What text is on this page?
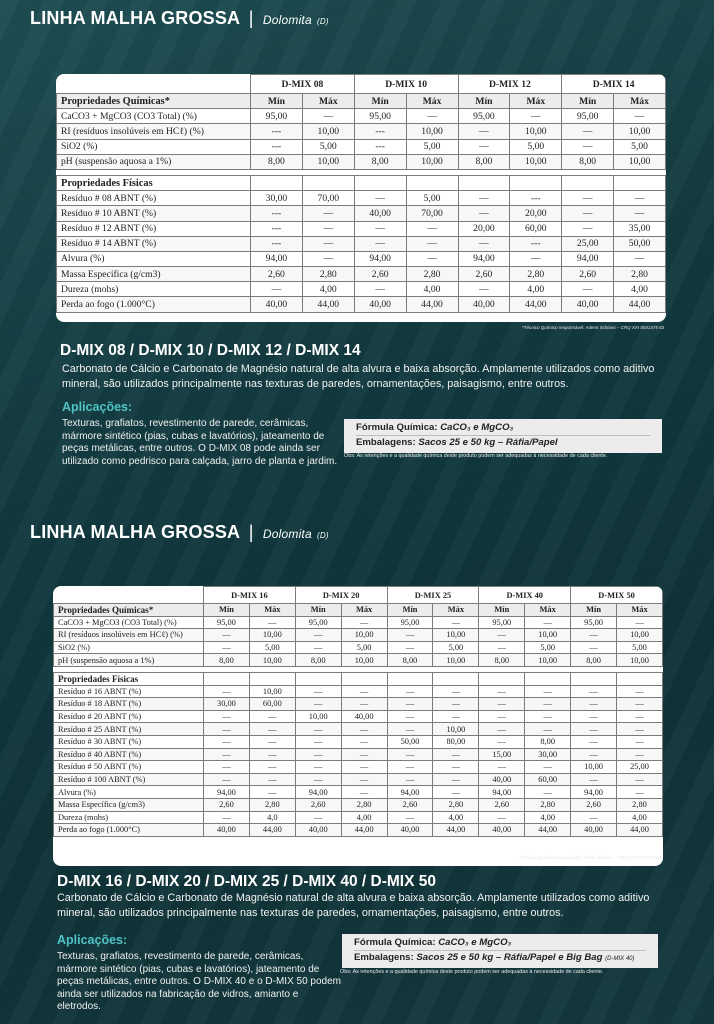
LINHA MALHA GROSSA | Dolomita (D)
	D-MIX 08		D-MIX 10		D-MIX 12		D-MIX 14	
Propriedades Químicas*	Mín	Máx	Mín	Máx	Mín	Máx	Mín	Máx
CaCO3 + MgCO3 (CO3 Total) (%)	95,00	—	95,00	—	95,00	—	95,00	—
RI (resíduos insolúveis em HCℓ) (%)	---	10,00	---	10,00	—	10,00	—	10,00
SiO2 (%)	---	5,00	---	5,00	—	5,00	—	5,00
pH (suspensão aquosa a 1%)	8,00	10,00	8,00	10,00	8,00	10,00	8,00	10,00

Propriedades Físicas								
Resíduo # 08 ABNT (%)	30,00	70,00	—	5,00	—	---	—	—
Resíduo # 10 ABNT (%)	---	—	40,00	70,00	—	20,00	—	—
Resíduo # 12 ABNT (%)	---	—	—	—	20,00	60,00	—	35,00
Resíduo # 14 ABNT (%)	---	—	—	—	—	---	25,00	50,00
Alvura (%)	94,00	—	94,00	—	94,00	—	94,00	—
Massa Específica (g/cm3)	2,60	2,80	2,60	2,80	2,60	2,80	2,60	2,80
Dureza (mohs)	—	4,00	—	4,00	—	4,00	—	4,00
Perda ao fogo (1.000°C)	40,00	44,00	40,00	44,00	40,00	44,00	40,00	44,00
*Técnico Químico responsável: Adenir Schiavo – CRQ XXI 0041475 63
D-MIX 08 / D-MIX 10 / D-MIX 12 / D-MIX 14
Carbonato de Cálcio e Carbonato de Magnésio natural de alta alvura e baixa absorção. Amplamente utilizados como aditivo mineral, são utilizados principalmente nas texturas de paredes, ornamentações, paisagismo, entre outros.
Aplicações:
Texturas, grafiatos, revestimento de parede, cerâmicas, mármore sintético (pias, cubas e lavatórios), jateamento de peças metálicas, entre outros. O D-MIX 08 pode ainda ser utilizado como pedrisco para calçada, jarro de planta e jardim.
Fórmula Química: CaCO₃ e MgCO₃
Embalagens: Sacos 25 e 50 kg – Ráfia/Papel
Obs: As retenções e a qualidade química deste produto podem ser adequadas à necessidade de cada cliente.
LINHA MALHA GROSSA | Dolomita (D)
	D-MIX 16		D-MIX 20		D-MIX 25		D-MIX 40		D-MIX 50	
Propriedades Químicas*	Mín	Máx	Mín	Máx	Mín	Máx	Mín	Máx	Mín	Máx
CaCO3 + MgCO3 (CO3 Total) (%)	95,00	—	95,00	—	95,00	—	95,00	—	95,00	—
RI (resíduos insolúveis em HCℓ) (%)	—	10,00	—	10,00	—	10,00	—	10,00	—	10,00
SiO2 (%)	—	5,00	—	5,00	—	5,00	—	5,00	—	5,00
pH (suspensão aquosa a 1%)	8,00	10,00	8,00	10,00	8,00	10,00	8,00	10,00	8,00	10,00

Propriedades Físicas										
Resíduo # 16 ABNT (%)	—	10,00	—	—	—	—	—	—	—	—
Resíduo # 18 ABNT (%)	30,00	60,00	—	—	—	—	—	—	—	—
Resíduo # 20 ABNT (%)	—	—	10,00	40,00	—	—	—	—	—	—
Resíduo # 25 ABNT (%)	—	—	—	—	—	10,00	—	—	—	—
Resíduo # 30 ABNT (%)	—	—	—	—	50,00	80,00	—	8,00	—	—
Resíduo # 40 ABNT (%)	—	—	—	—	—	—	15,00	30,00	—	—
Resíduo # 50 ABNT (%)	—	—	—	—	—	—	—	—	10,00	25,00
Resíduo # 100 ABNT (%)	—	—	—	—	—	—	40,00	60,00	—	—
Alvura (%)	94,00	—	94,00	—	94,00	—	94,00	—	94,00	—
Massa Específica (g/cm3)	2,60	2,80	2,60	2,80	2,60	2,80	2,60	2,80	2,60	2,80
Dureza (mohs)	—	4,0	—	4,00	—	4,00	—	4,00	—	4,00
Perda ao fogo (1.000°C)	40,00	44,00	40,00	44,00	40,00	44,00	40,00	44,00	40,00	44,00
*Técnico Químico responsável: Adenir Schiavo – CRQ XXI 0041475 63
D-MIX 16 / D-MIX 20 / D-MIX 25 / D-MIX 40 / D-MIX 50
Carbonato de Cálcio e Carbonato de Magnésio natural de alta alvura e baixa absorção. Amplamente utilizados como aditivo mineral, são utilizados principalmente nas texturas de paredes, ornamentações, paisagismo, entre outros.
Aplicações:
Texturas, grafiatos, revestimento de parede, cerâmicas, mármore sintético (pias, cubas e lavatórios), jateamento de peças metálicas, entre outros. O D-MIX 40 e o D-MIX 50 podem ainda ser utilizados na fabricação de vidros, amianto e eletrodos.
Fórmula Química: CaCO₃ e MgCO₃
Embalagens: Sacos 25 e 50 kg – Ráfia/Papel e Big Bag (D-MIX 40)
Obs: As retenções e a qualidade química deste produto podem ser adequadas à necessidade de cada cliente.
